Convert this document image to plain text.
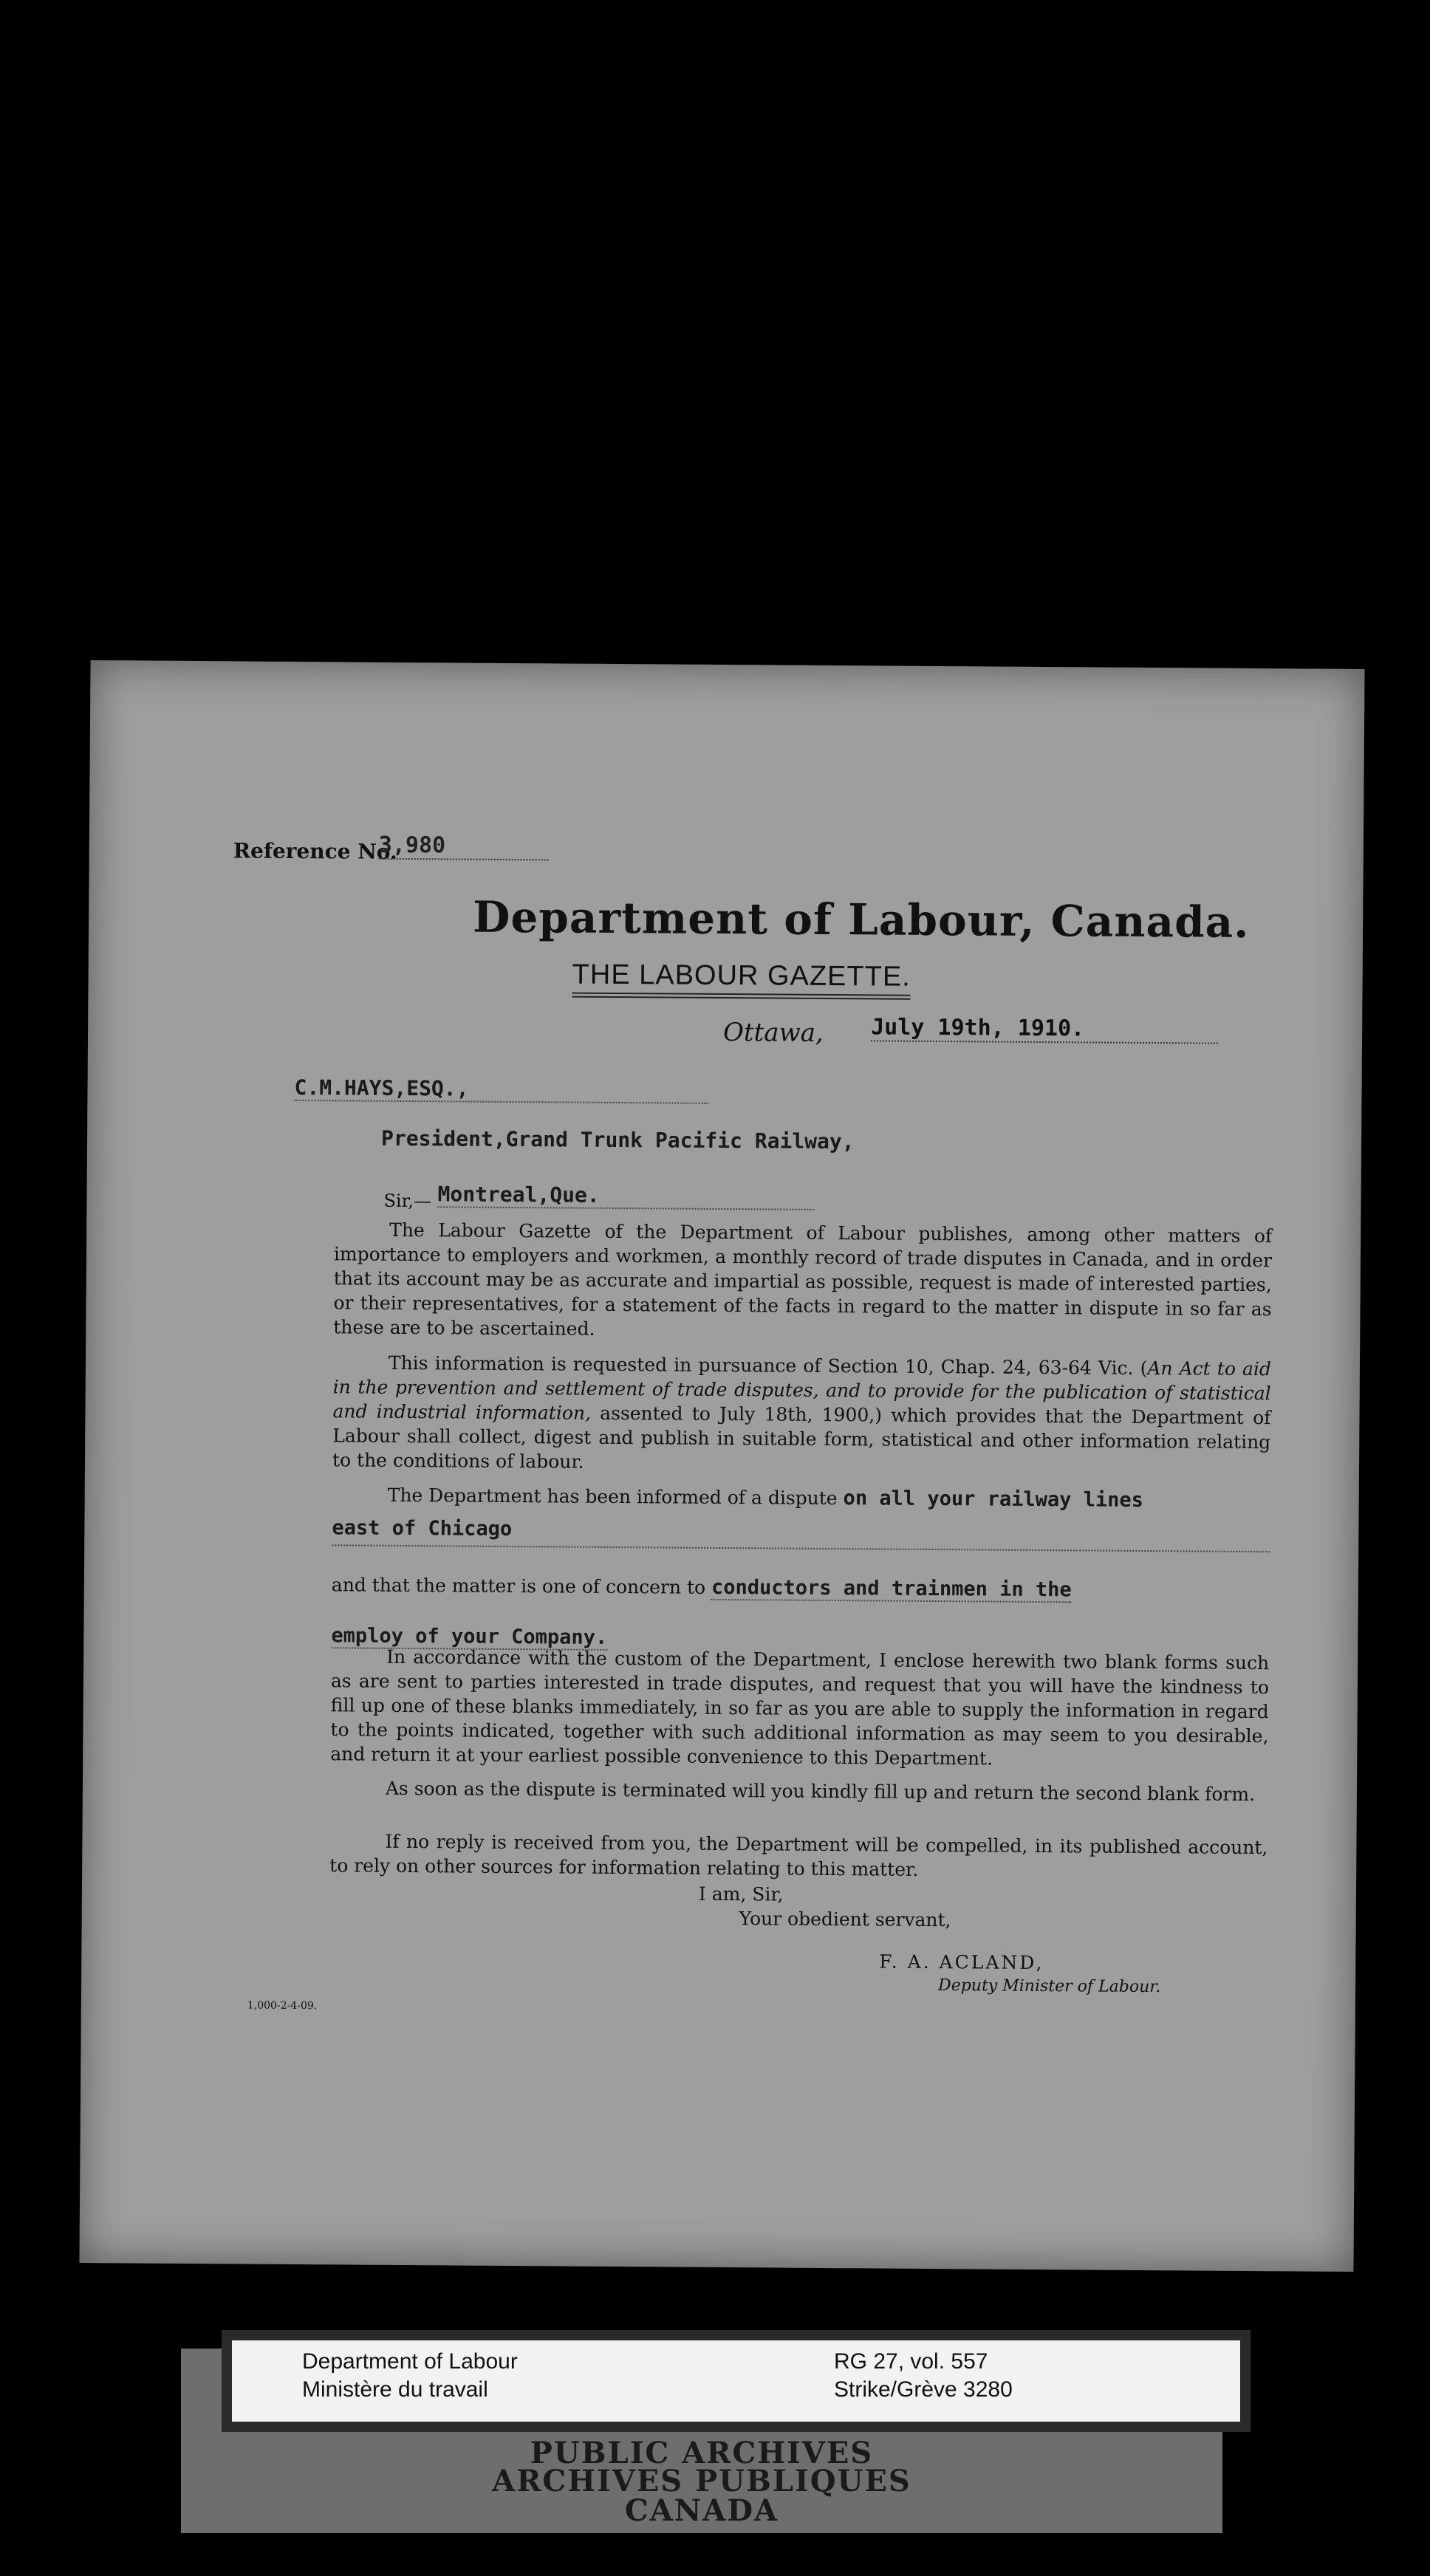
Reference No.
3,980
Department of Labour, Canada.
THE LABOUR GAZETTE.
Ottawa, July 19th, 1910.
C.M.HAYS,ESQ.,
President,Grand Trunk Pacific Railway,
Sir,— Montreal,Que.

The Labour Gazette of the Department of Labour publishes, among other matters of importance to employers and workmen, a monthly record of trade disputes in Canada, and in order that its account may be as accurate and impartial as possible, request is made of interested parties, or their representatives, for a statement of the facts in regard to the matter in dispute in so far as these are to be ascertained.

This information is requested in pursuance of Section 10, Chap. 24, 63-64 Vic. (An Act to aid in the prevention and settlement of trade disputes, and to provide for the publication of statistical and industrial information, assented to July 18th, 1900,) which provides that the Department of Labour shall collect, digest and publish in suitable form, statistical and other information relating to the conditions of labour.

The Department has been informed of a dispute on all your railway lines

east of Chicago
and that the matter is one of concern to conductors and trainmen in the
employ of your Company.

In accordance with the custom of the Department, I enclose herewith two blank forms such as are sent to parties interested in trade disputes, and request that you will have the kindness to fill up one of these blanks immediately, in so far as you are able to supply the information in regard to the points indicated, together with such additional information as may seem to you desirable, and return it at your earliest possible convenience to this Department.

As soon as the dispute is terminated will you kindly fill up and return the second blank form.

If no reply is received from you, the Department will be compelled, in its published account, to rely on other sources for information relating to this matter.

I am, Sir,
Your obedient servant,
F. A. ACLAND,
Deputy Minister of Labour.
1,000-2-4-09.
PUBLIC ARCHIVES
ARCHIVES PUBLIQUES
CANADA
Department of Labour
Ministère du travail
RG 27, vol. 557
Strike/Grève 3280
